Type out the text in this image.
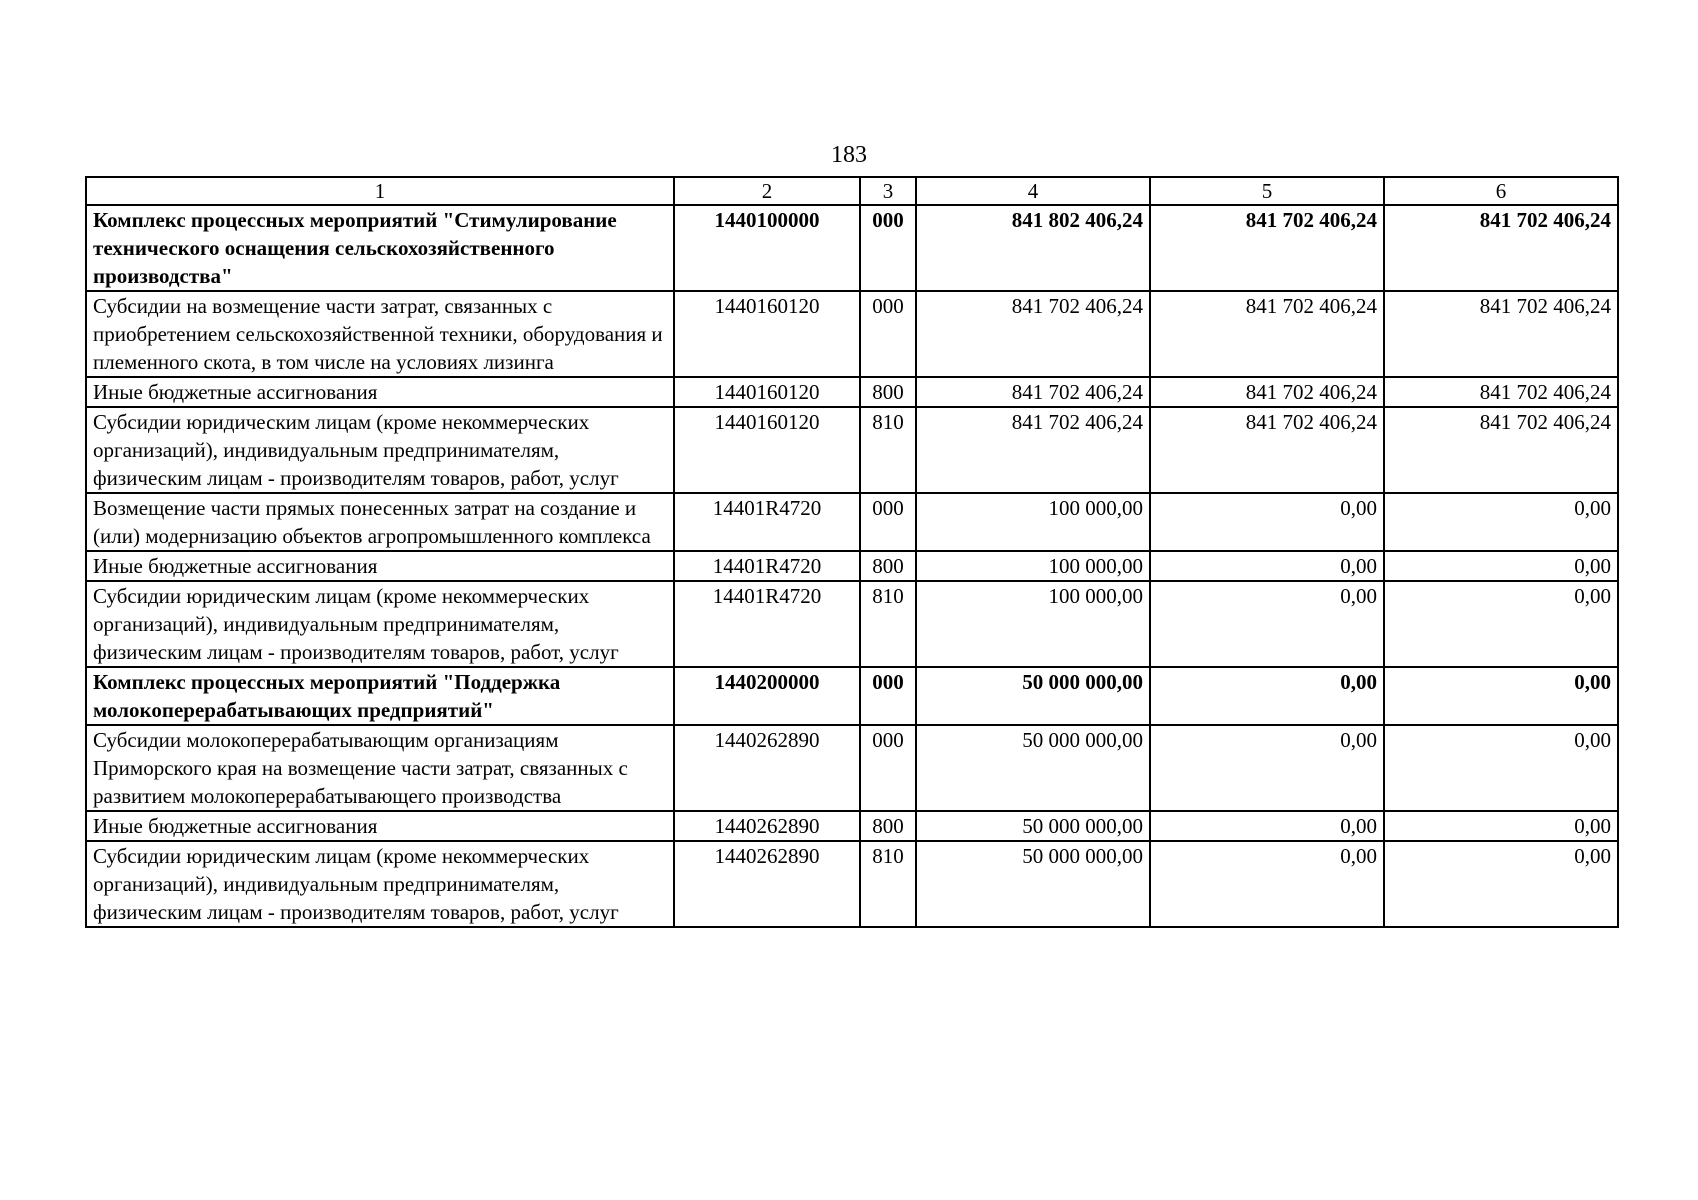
183
1	2	3	4	5	6
Комплекс процессных мероприятий "Стимулирование технического оснащения сельскохозяйственного производства"	1440100000	000	841 802 406,24	841 702 406,24	841 702 406,24
Субсидии на возмещение части затрат, связанных с приобретением сельскохозяйственной техники, оборудования и племенного скота, в том числе на условиях лизинга	1440160120	000	841 702 406,24	841 702 406,24	841 702 406,24
Иные бюджетные ассигнования	1440160120	800	841 702 406,24	841 702 406,24	841 702 406,24
Субсидии юридическим лицам (кроме некоммерческих организаций), индивидуальным предпринимателям, физическим лицам - производителям товаров, работ, услуг	1440160120	810	841 702 406,24	841 702 406,24	841 702 406,24
Возмещение части прямых понесенных затрат на создание и (или) модернизацию объектов агропромышленного комплекса	14401R4720	000	100 000,00	0,00	0,00
Иные бюджетные ассигнования	14401R4720	800	100 000,00	0,00	0,00
Субсидии юридическим лицам (кроме некоммерческих организаций), индивидуальным предпринимателям, физическим лицам - производителям товаров, работ, услуг	14401R4720	810	100 000,00	0,00	0,00
Комплекс процессных мероприятий "Поддержка молокоперерабатывающих предприятий"	1440200000	000	50 000 000,00	0,00	0,00
Субсидии молокоперерабатывающим организациям Приморского края на возмещение части затрат, связанных с развитием молокоперерабатывающего производства	1440262890	000	50 000 000,00	0,00	0,00
Иные бюджетные ассигнования	1440262890	800	50 000 000,00	0,00	0,00
Субсидии юридическим лицам (кроме некоммерческих организаций), индивидуальным предпринимателям, физическим лицам - производителям товаров, работ, услуг	1440262890	810	50 000 000,00	0,00	0,00
